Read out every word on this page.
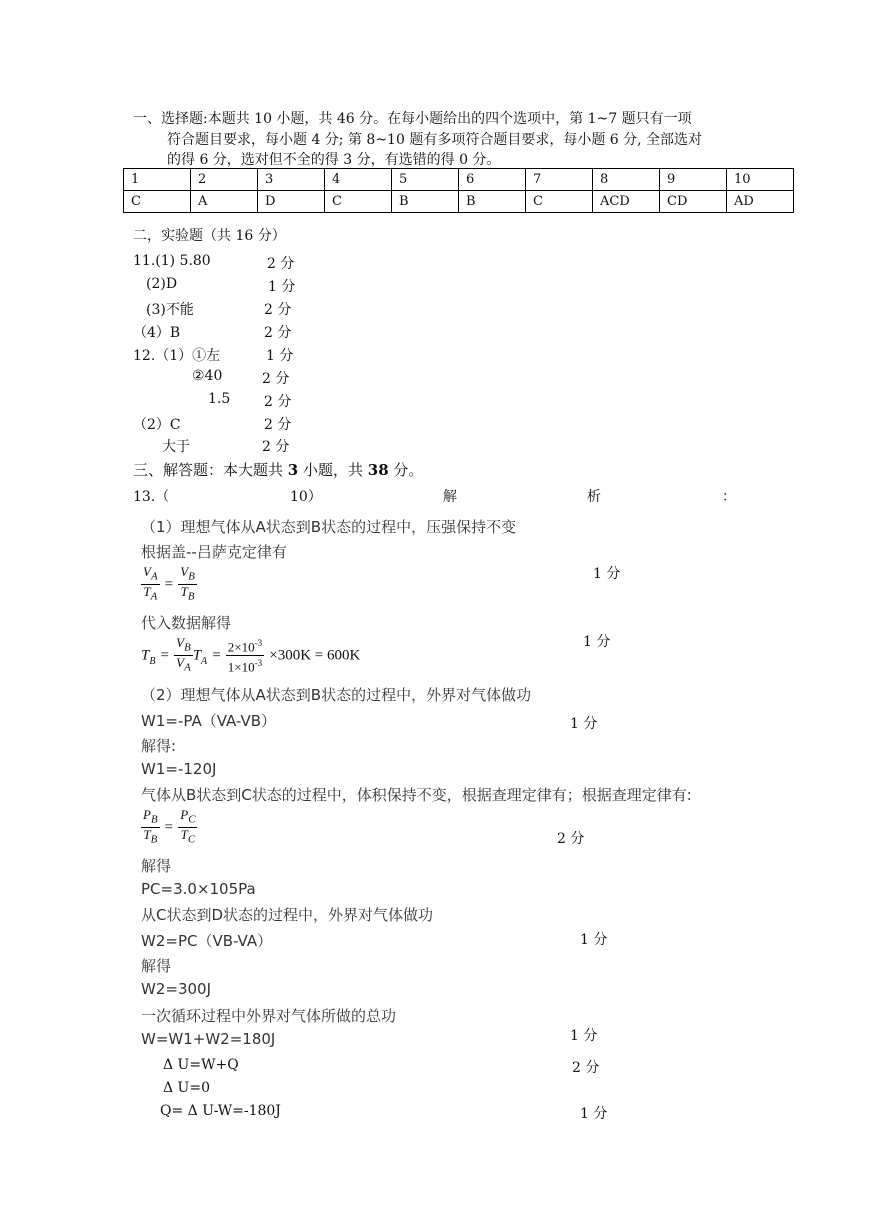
一、选择题:本题共 10 小题，共 46 分。在每小题给出的四个选项中，第 1~7 题只有一项
符合题目要求，每小题 4 分; 第 8~10 题有多项符合题目要求，每小题 6 分, 全部选对
的得 6 分，选对但不全的得 3 分，有选错的得 0 分。
1	2	3	4	5	6	7	8	9	10
C	A	D	C	B	B	C	ACD	CD	AD
二，实验题（共 16 分）
11.(1) 5.80	2 分
(2)D	1 分
(3)不能	2 分
（4）B	2 分
12.（1）①左	1 分
②40	2 分
1.5 2 分
（2）C	2 分
大于	2 分
三、解答题：本大题共 3 小题，共 38 分。
13.（	10）	解	析	：
（1）理想气体从A状态到B状态的过程中，压强保持不变
根据盖--吕萨克定律有
$\frac{V_A}{T_A} = \frac{V_B}{T_B}$	1 分
代入数据解得
$T_B = \frac{V_B}{V_A} T_A = \frac{2\times 10^{-3}}{1\times 10^{-3}} \times 300K = 600K$
1 分
（2）理想气体从A状态到B状态的过程中，外界对气体做功
W1=-PA（VA-VB）	1 分
解得:
W1=-120J
气体从B状态到C状态的过程中，体积保持不变，根据查理定律有；根据查理定律有:
$\frac{P_B}{T_B} = \frac{P_C}{T_C}$	2 分
解得
PC=3.0×105Pa
从C状态到D状态的过程中，外界对气体做功
W2=PC（VB-VA）	1 分
解得
W2=300J
一次循环过程中外界对气体所做的总功
W=W1+W2=180J	1 分
Δ U=W+Q	2 分
Δ U=0
Q= Δ U-W=-180J	1 分
